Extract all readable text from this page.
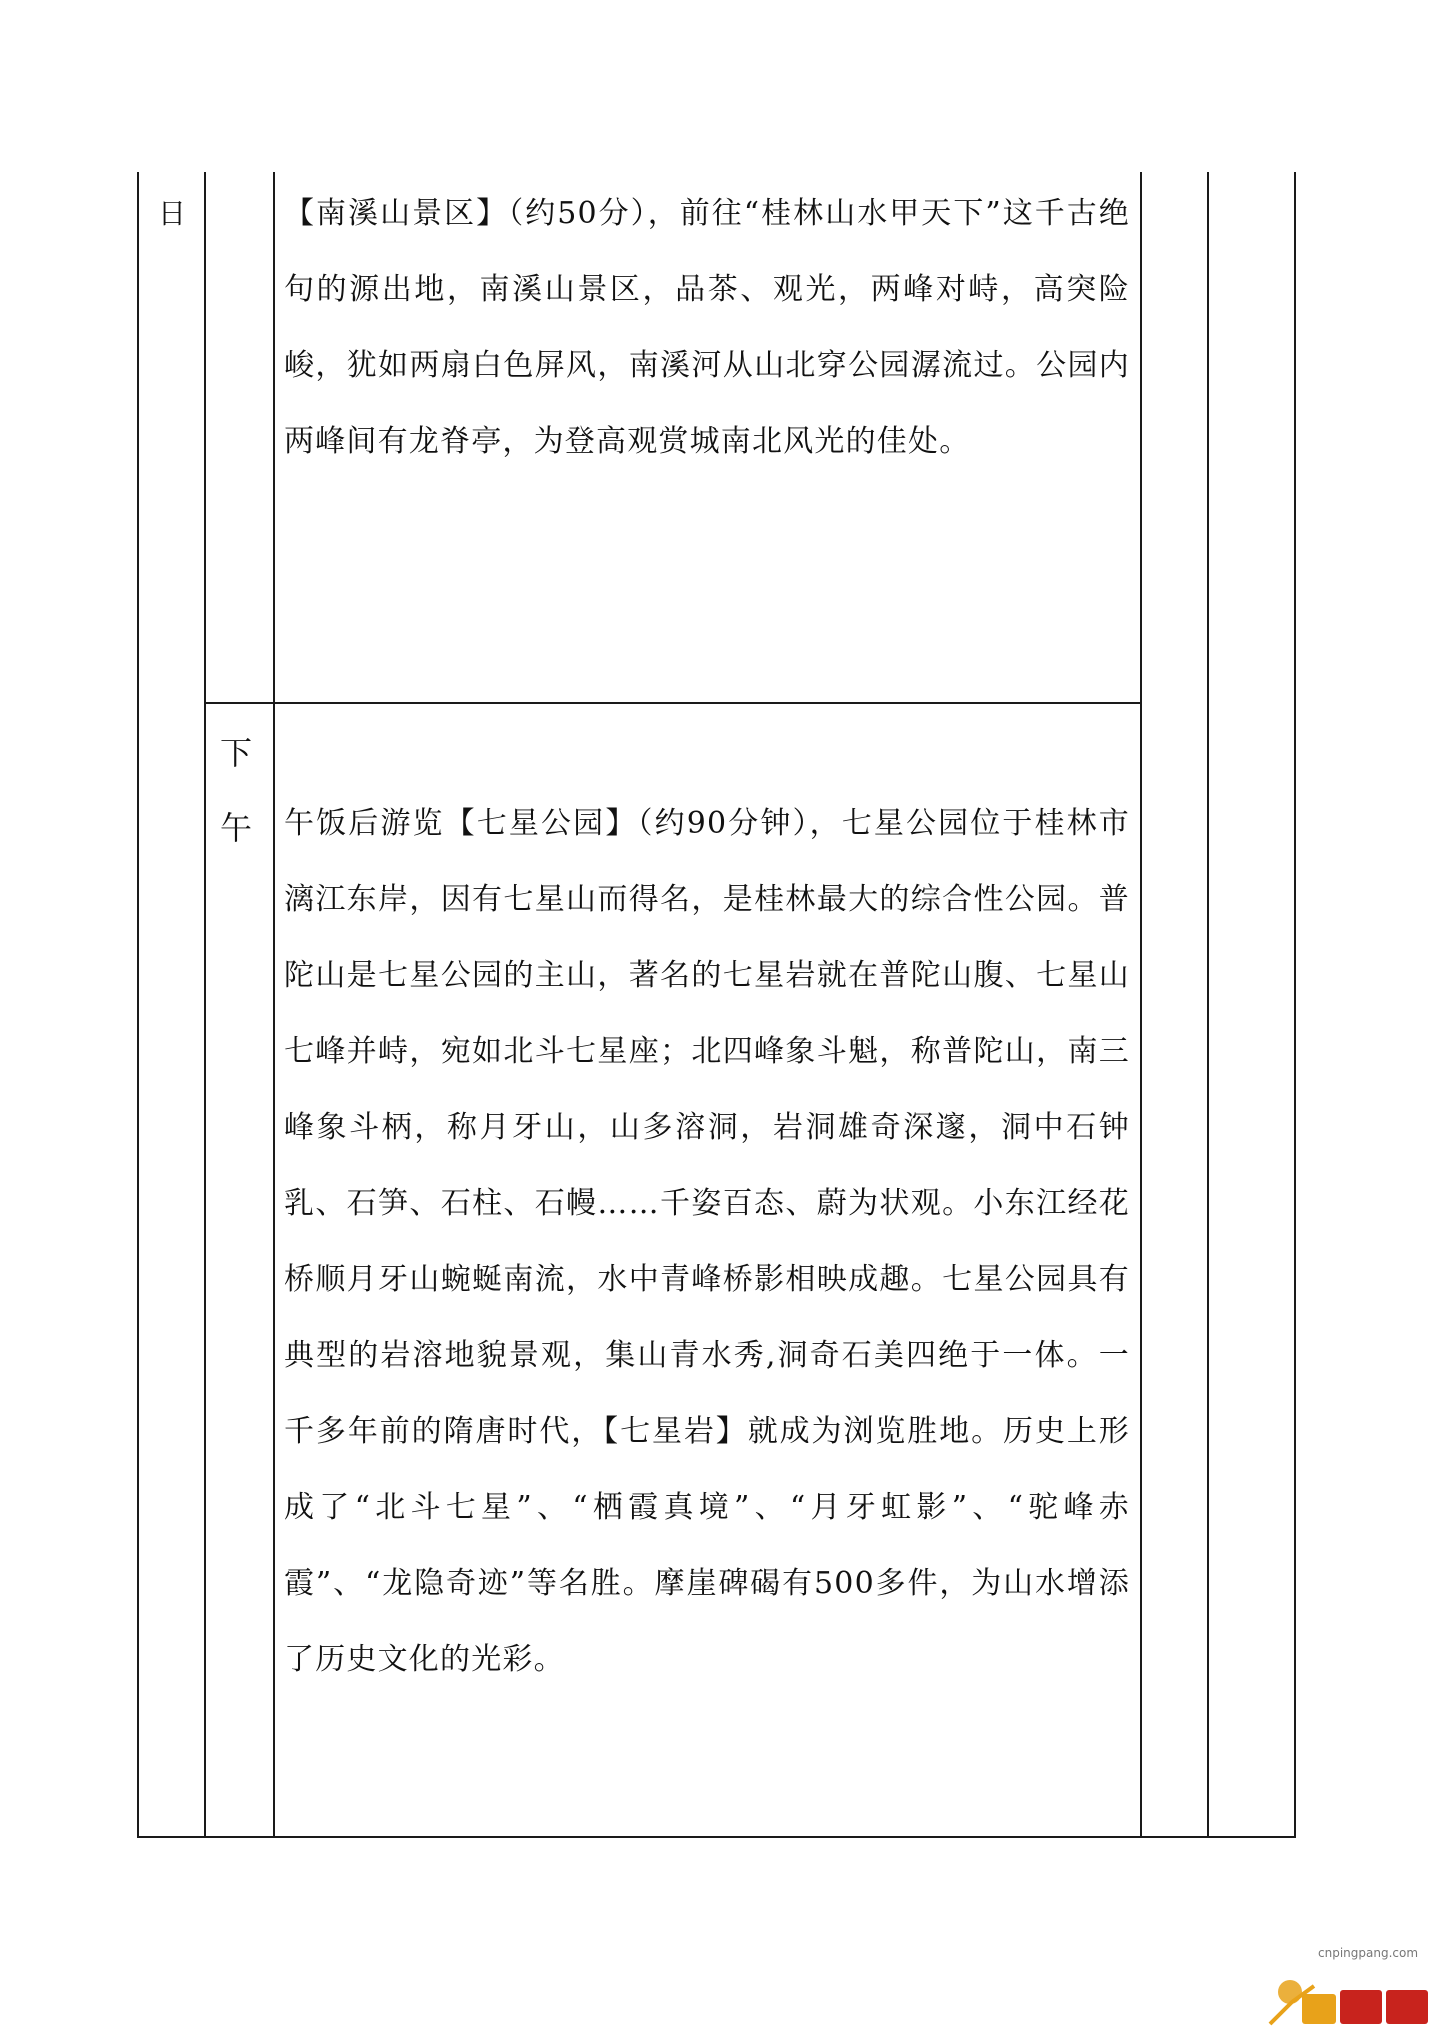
日
下
午

【南溪山景区】（约50分），前往“桂林山水甲天下”这千古绝句的源出地，南溪山景区，品茶、观光，两峰对峙，高突险峻，犹如两扇白色屏风，南溪河从山北穿公园潺流过。公园内两峰间有龙脊亭，为登高观赏城南北风光的佳处。

午饭后游览【七星公园】（约90分钟），七星公园位于桂林市漓江东岸，因有七星山而得名，是桂林最大的综合性公园。普陀山是七星公园的主山，著名的七星岩就在普陀山腹、七星山七峰并峙，宛如北斗七星座；北四峰象斗魁，称普陀山，南三峰象斗柄，称月牙山，山多溶洞，岩洞雄奇深邃，洞中石钟乳、石笋、石柱、石幔……千姿百态、蔚为状观。小东江经花桥顺月牙山蜿蜒南流，水中青峰桥影相映成趣。七星公园具有典型的岩溶地貌景观，集山青水秀,洞奇石美四绝于一体。一千多年前的隋唐时代，【七星岩】就成为浏览胜地。历史上形成了“北斗七星”、“栖霞真境”、“月牙虹影”、“驼峰赤霞”、“龙隐奇迹”等名胜。摩崖碑碣有500多件，为山水增添了历史文化的光彩。

cnpingpang.com
